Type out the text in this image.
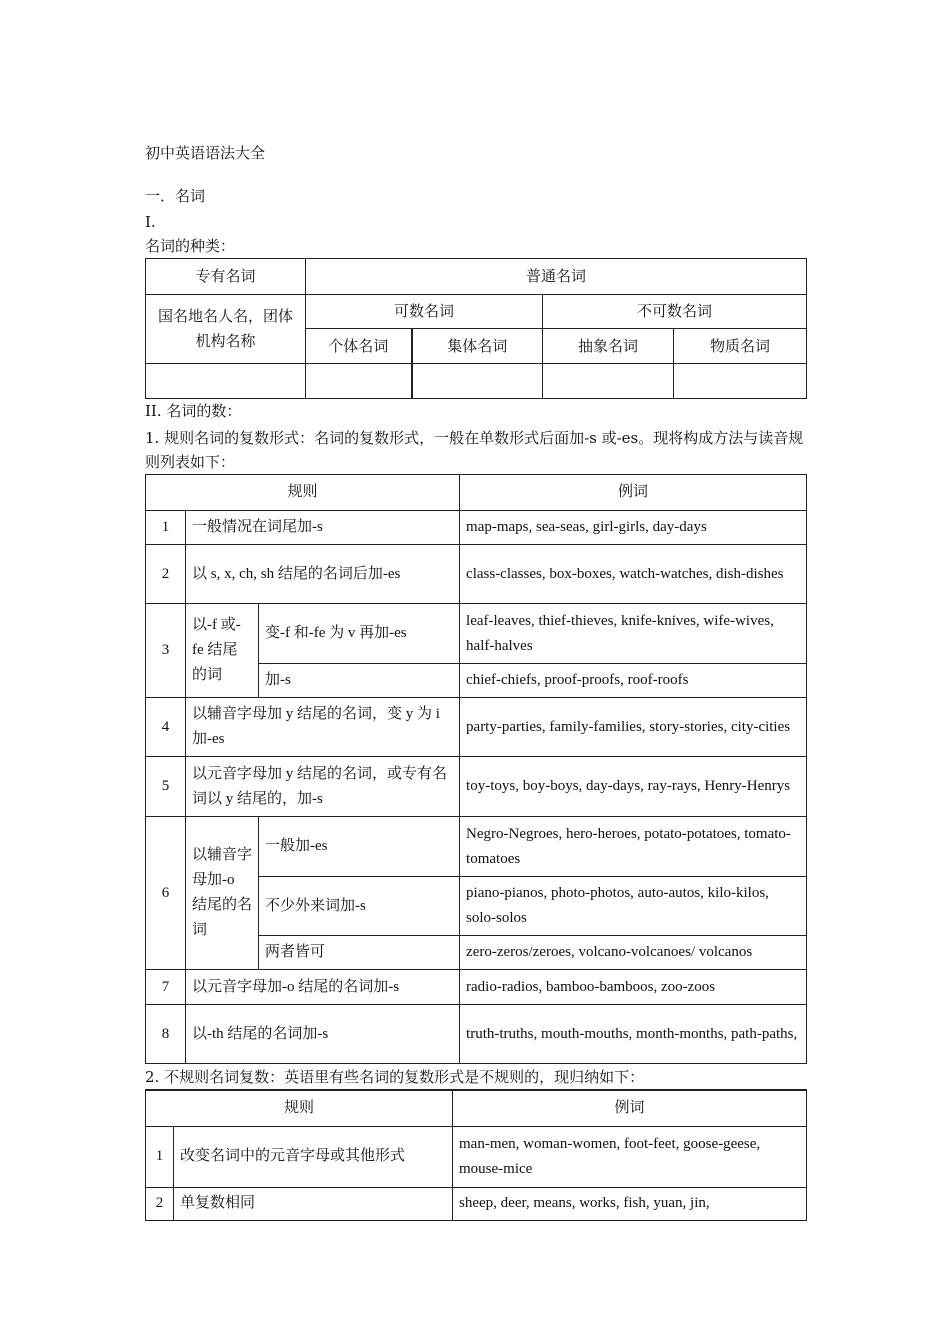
初中英语语法大全
一．名词
I.
名词的种类：
专有名词	普通名词			
国名地名人名，团体机构名称	可数名词		不可数名词	
	个体名词	集体名词	抽象名词	物质名词

II. 名词的数：
1. 规则名词的复数形式：名词的复数形式，一般在单数形式后面加-s 或-es。现将构成方法与读音规则列表如下：
规则			例词
1	一般情况在词尾加-s		map-maps, sea-seas, girl-girls, day-days
2	以 s, x, ch, sh 结尾的名词后加-es		class-classes, box-boxes, watch-watches, dish-dishes
3	以-f 或-fe 结尾的词	变-f 和-fe 为 v 再加-es	leaf-leaves, thief-thieves, knife-knives, wife-wives, half-halves
		加-s	chief-chiefs, proof-proofs, roof-roofs
4	以辅音字母加 y 结尾的名词，变 y 为 i 加-es		party-parties, family-families, story-stories, city-cities
5	以元音字母加 y 结尾的名词，或专有名词以 y 结尾的，加-s		toy-toys, boy-boys, day-days, ray-rays, Henry-Henrys
6	以辅音字母加-o 结尾的名词	一般加-es	Negro-Negroes, hero-heroes, potato-potatoes, tomato-tomatoes
		不少外来词加-s	piano-pianos, photo-photos, auto-autos, kilo-kilos, solo-solos
		两者皆可	zero-zeros/zeroes, volcano-volcanoes/ volcanos
7	以元音字母加-o 结尾的名词加-s		radio-radios, bamboo-bamboos, zoo-zoos
8	以-th 结尾的名词加-s		truth-truths, mouth-mouths, month-months, path-paths,
2. 不规则名词复数：英语里有些名词的复数形式是不规则的，现归纳如下：
规则		例词
1	改变名词中的元音字母或其他形式	man-men, woman-women, foot-feet, goose-geese, mouse-mice
2	单复数相同	sheep, deer, means, works, fish, yuan, jin,
